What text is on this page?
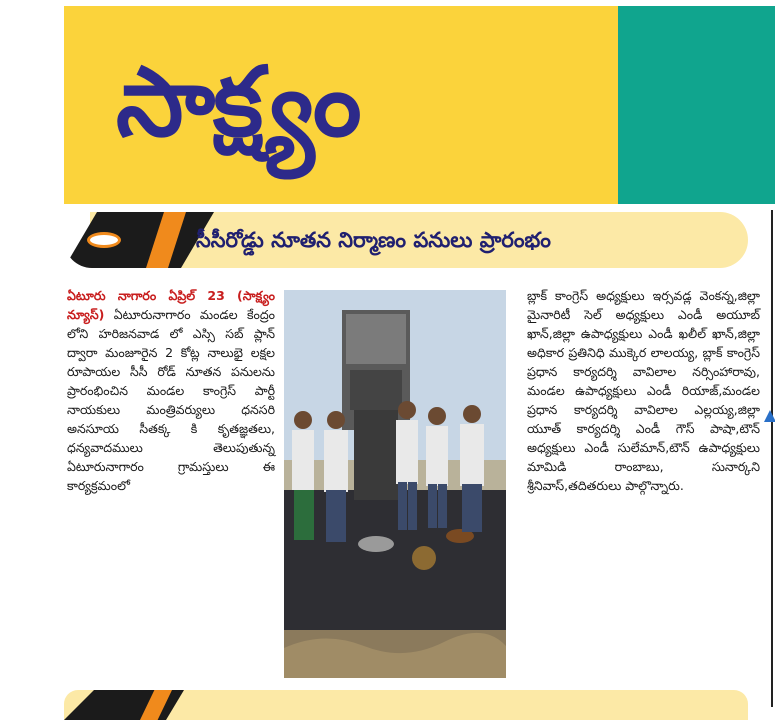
సాక్ష్యం
సీసీరోడ్డు నూతన నిర్మాణం పనులు ప్రారంభం

ఏటూరు నాగారం ఏప్రిల్ 23 (సాక్ష్యం న్యూస్) ఏటూరునాగారం మండల కేంద్రం లోని హరిజనవాడ లో ఎస్సి సబ్ ప్లాన్ ద్వారా మంజూరైన 2 కోట్ల నాలుభై లక్షల రూపాయల సీసీ రోడ్ నూతన పనులను ప్రారంభించిన మండల కాంగ్రెస్ పార్టీ నాయకులు మంత్రివర్యులు ధనసరి అనసూయ సీతక్క కి కృతజ్ఞతలు, ధన్యవాదములు తెలుపుతున్న ఏటూరునాగారం గ్రామస్తులు ఈ కార్యక్రమంలో

బ్లాక్ కాంగ్రెస్ అధ్యక్షులు ఇర్సవడ్ల వెంకన్న,జిల్లా మైనారిటీ సెల్ అధ్యక్షులు ఎండీ అయూబ్ ఖాన్,జిల్లా ఉపాధ్యక్షులు ఎండీ ఖలీల్ ఖాన్,జిల్లా అధికార ప్రతినిధి ముక్కెర లాలయ్య, బ్లాక్ కాంగ్రెస్ ప్రధాన కార్యదర్శి వావిలాల నర్సింహారావు, మండల ఉపాధ్యక్షులు ఎండీ రియాజ్,మండల ప్రధాన కార్యదర్శి వావిలాల ఎల్లయ్య,జిల్లా యూత్ కార్యదర్శి ఎండీ గౌస్ పాషా,టౌన్ అధ్యక్షులు ఎండీ సులేమాన్,టౌన్ ఉపాధ్యక్షులు మామిడి రాంబాబు, సునార్కని శ్రీనివాస్,తదితరులు పాల్గొన్నారు.
